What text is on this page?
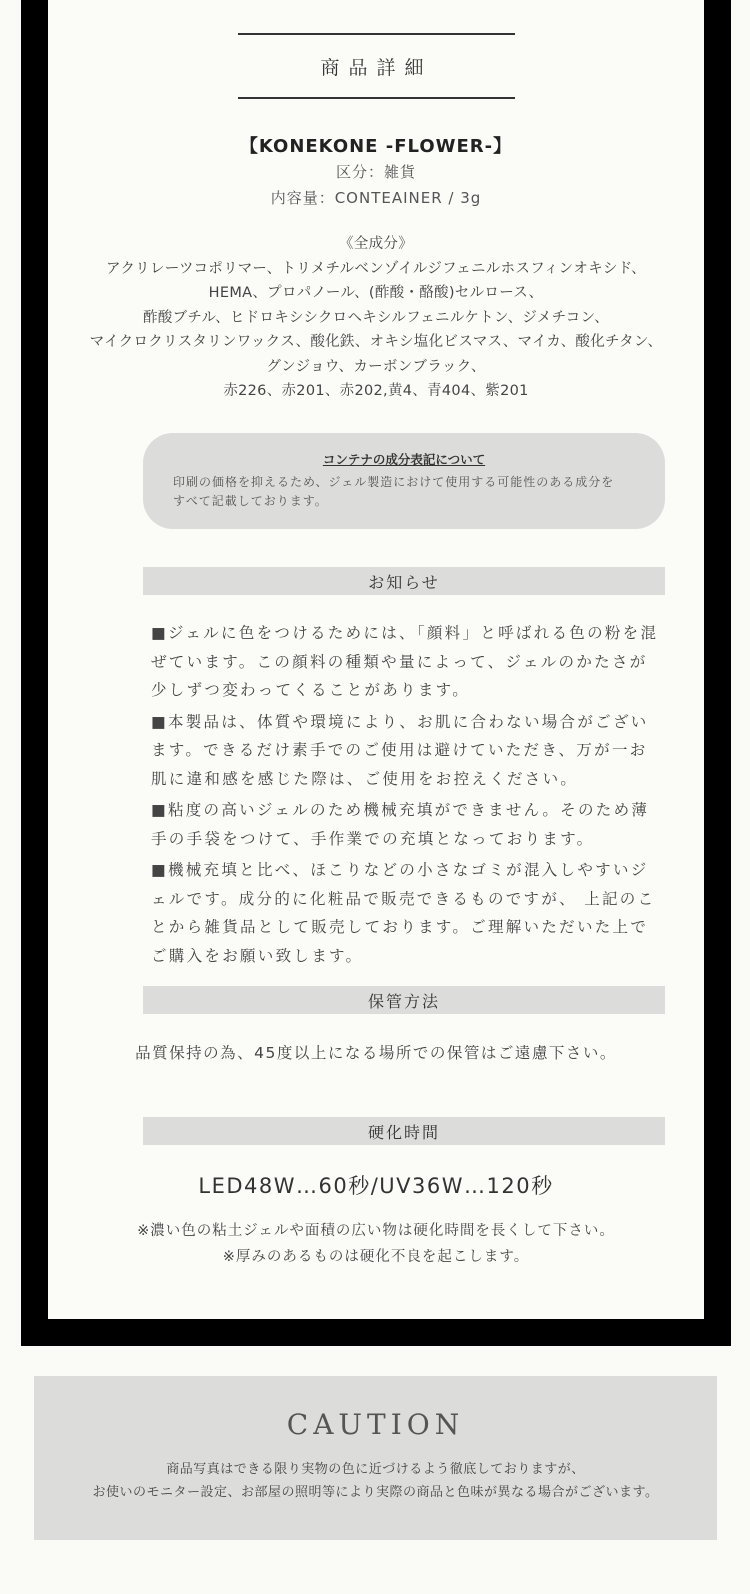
商品詳細
【KONEKONE -FLOWER-】
区分：雑貨
内容量：CONTEAINER / 3g
《全成分》
アクリレーツコポリマー、トリメチルベンゾイルジフェニルホスフィンオキシド、
HEMA、プロパノール、(酢酸・酪酸)セルロース、
酢酸ブチル、ヒドロキシシクロヘキシルフェニルケトン、ジメチコン、
マイクロクリスタリンワックス、酸化鉄、オキシ塩化ビスマス、マイカ、酸化チタン、
グンジョウ、カーボンブラック、
赤226、赤201、赤202,黄4、青404、紫201
コンテナの成分表記について
印刷の価格を抑えるため、ジェル製造におけて使用する可能性のある成分を
すべて記載しております。
お知らせ

■ジェルに色をつけるためには、「顔料」と呼ばれる色の粉を混ぜています。この顔料の種類や量によって、ジェルのかたさが少しずつ変わってくることがあります。

■本製品は、体質や環境により、お肌に合わない場合がございます。できるだけ素手でのご使用は避けていただき、万が一お肌に違和感を感じた際は、ご使用をお控えください。

■粘度の高いジェルのため機械充填ができません。そのため薄手の手袋をつけて、手作業での充填となっております。

■機械充填と比べ、ほこりなどの小さなゴミが混入しやすいジェルです。成分的に化粧品で販売できるものですが、 上記のことから雑貨品として販売しております。ご理解いただいた上でご購入をお願い致します。

保管方法
品質保持の為、45度以上になる場所での保管はご遠慮下さい。
硬化時間
LED48W…60秒/UV36W…120秒
※濃い色の粘土ジェルや面積の広い物は硬化時間を長くして下さい。
※厚みのあるものは硬化不良を起こします。
CAUTION
商品写真はできる限り実物の色に近づけるよう徹底しておりますが、
お使いのモニター設定、お部屋の照明等により実際の商品と色味が異なる場合がございます。
